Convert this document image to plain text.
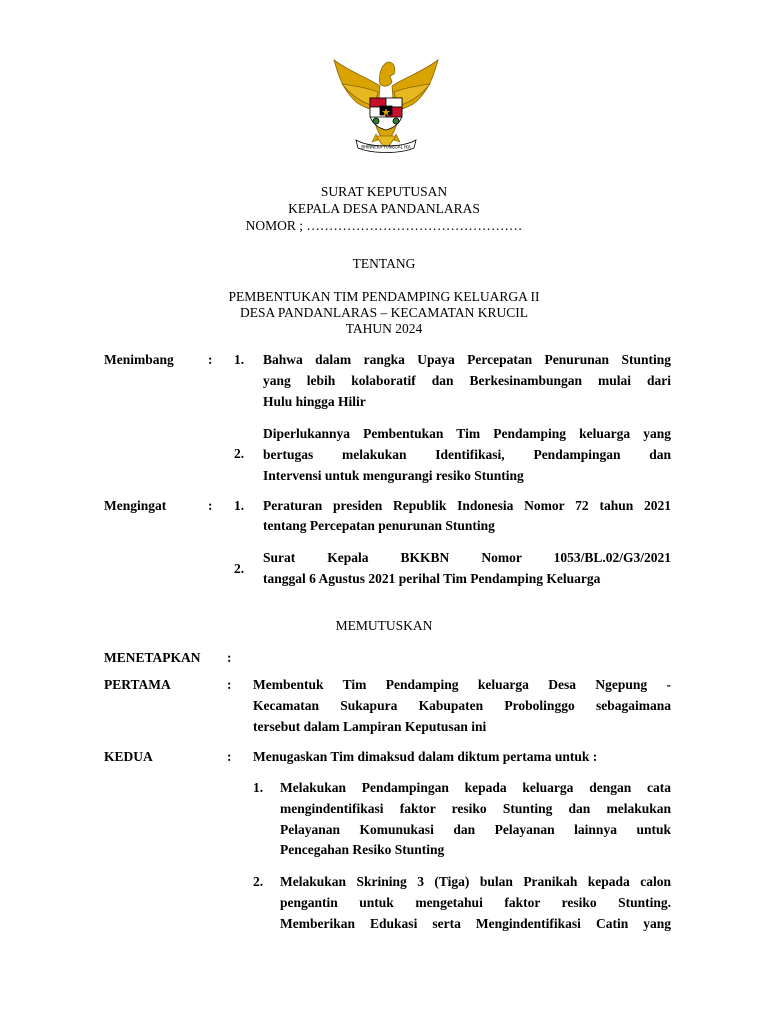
BHINNEKA TUNGGAL IKA
SURAT KEPUTUSAN
KEPALA DESA PANDANLARAS
NOMOR ; …………………………………………
TENTANG
PEMBENTUKAN TIM PENDAMPING KELUARGA II
DESA PANDANLARAS – KECAMATAN KRUCIL
TAHUN 2024
Menimbang	: 1. Bahwa dalam rangka Upaya Percepatan Penurunan Stunting
yang lebih kolaboratif dan Berkesinambungan mulai dari
Hulu hingga Hilir
2.
Diperlukannya Pembentukan Tim Pendamping keluarga yang
bertugas melakukan Identifikasi, Pendampingan dan
Intervensi untuk mengurangi resiko Stunting
Mengingat	: 1. Peraturan presiden Republik Indonesia Nomor 72 tahun 2021
tentang Percepatan penurunan Stunting
2.
Surat Kepala BKKBN Nomor 1053/BL.02/G3/2021
tanggal 6 Agustus 2021 perihal Tim Pendamping Keluarga
MEMUTUSKAN
MENETAPKAN :
PERTAMA	: Membentuk Tim Pendamping keluarga Desa Ngepung -
Kecamatan Sukapura Kabupaten Probolinggo sebagaimana
tersebut dalam Lampiran Keputusan ini
KEDUA	: Menugaskan Tim dimaksud dalam diktum pertama untuk :
1. Melakukan Pendampingan kepada keluarga dengan cata
mengindentifikasi faktor resiko Stunting dan melakukan
Pelayanan Komunukasi dan Pelayanan lainnya untuk
Pencegahan Resiko Stunting
2. Melakukan Skrining 3 (Tiga) bulan Pranikah kepada calon
pengantin untuk mengetahui faktor resiko Stunting.
Memberikan Edukasi serta Mengindentifikasi Catin yang
